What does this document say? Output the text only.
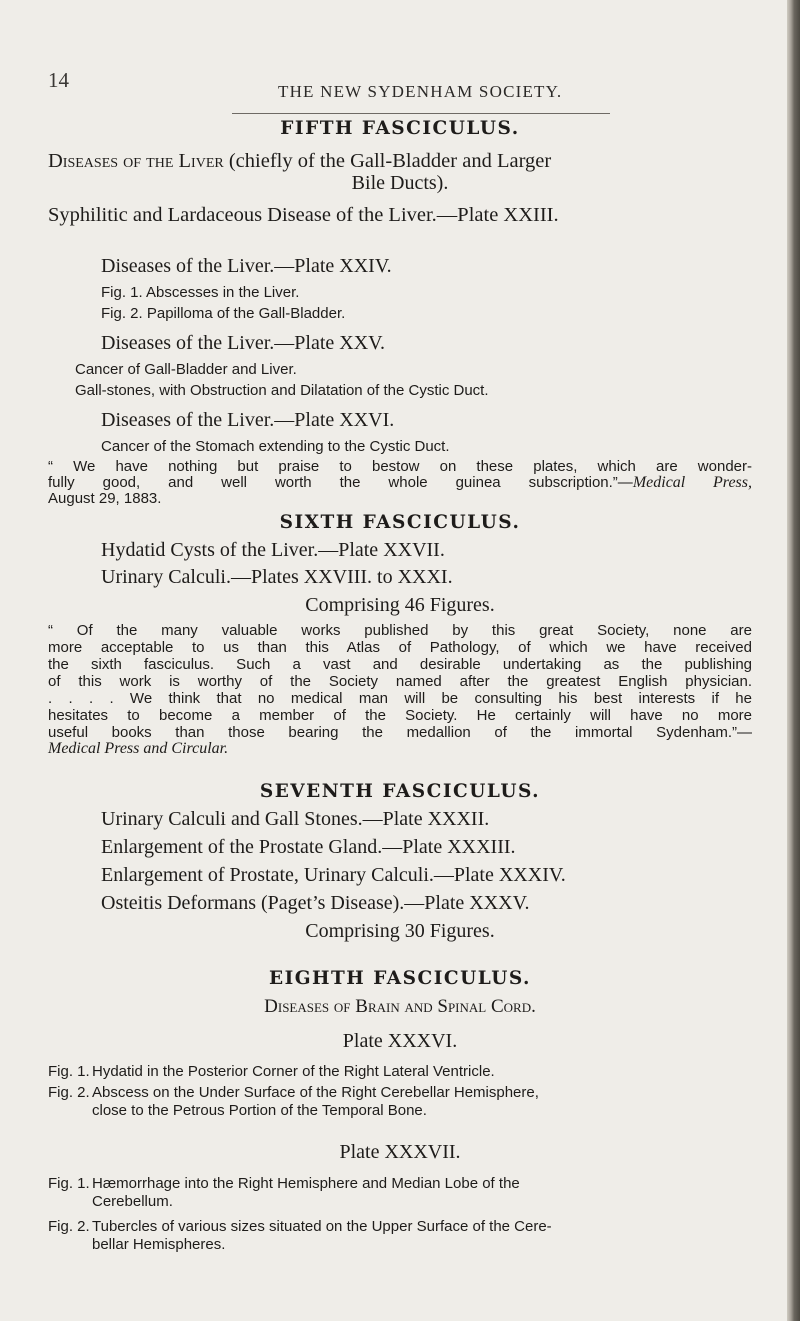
14	THE NEW SYDENHAM SOCIETY.

FIFTH FASCICULUS.

Diseases of the Liver (chiefly of the Gall-Bladder and Larger

Bile Ducts).

Syphilitic and Lardaceous Disease of the Liver.—Plate XXIII.

Diseases of the Liver.—Plate XXIV.

Fig. 1. Abscesses in the Liver.

Fig. 2. Papilloma of the Gall-Bladder.

Diseases of the Liver.—Plate XXV.

Cancer of Gall-Bladder and Liver.

Gall-stones, with Obstruction and Dilatation of the Cystic Duct.

Diseases of the Liver.—Plate XXVI.

Cancer of the Stomach extending to the Cystic Duct.

“ We have nothing but praise to bestow on these plates, which are wonder-

fully good, and well worth the whole guinea subscription.”—Medical Press,

August 29, 1883.

SIXTH FASCICULUS.

Hydatid Cysts of the Liver.—Plate XXVII.

Urinary Calculi.—Plates XXVIII. to XXXI.

Comprising 46 Figures.

“ Of the many valuable works published by this great Society, none are

more acceptable to us than this Atlas of Pathology, of which we have received

the sixth fasciculus. Such a vast and desirable undertaking as the publishing

of this work is worthy of the Society named after the greatest English physician.

. . . . We think that no medical man will be consulting his best interests if he

hesitates to become a member of the Society. He certainly will have no more

useful books than those bearing the medallion of the immortal Sydenham.”—

Medical Press and Circular.

SEVENTH FASCICULUS.

Urinary Calculi and Gall Stones.—Plate XXXII.

Enlargement of the Prostate Gland.—Plate XXXIII.

Enlargement of Prostate, Urinary Calculi.—Plate XXXIV.

Osteitis Deformans (Paget’s Disease).—Plate XXXV.

Comprising 30 Figures.

EIGHTH FASCICULUS.

Diseases of Brain and Spinal Cord.

Plate XXXVI.

Fig. 1. Hydatid in the Posterior Corner of the Right Lateral Ventricle.

Fig. 2. Abscess on the Under Surface of the Right Cerebellar Hemisphere,

close to the Petrous Portion of the Temporal Bone.

Plate XXXVII.

Fig. 1. Hæmorrhage into the Right Hemisphere and Median Lobe of the

Cerebellum.

Fig. 2. Tubercles of various sizes situated on the Upper Surface of the Cere-

bellar Hemispheres.
